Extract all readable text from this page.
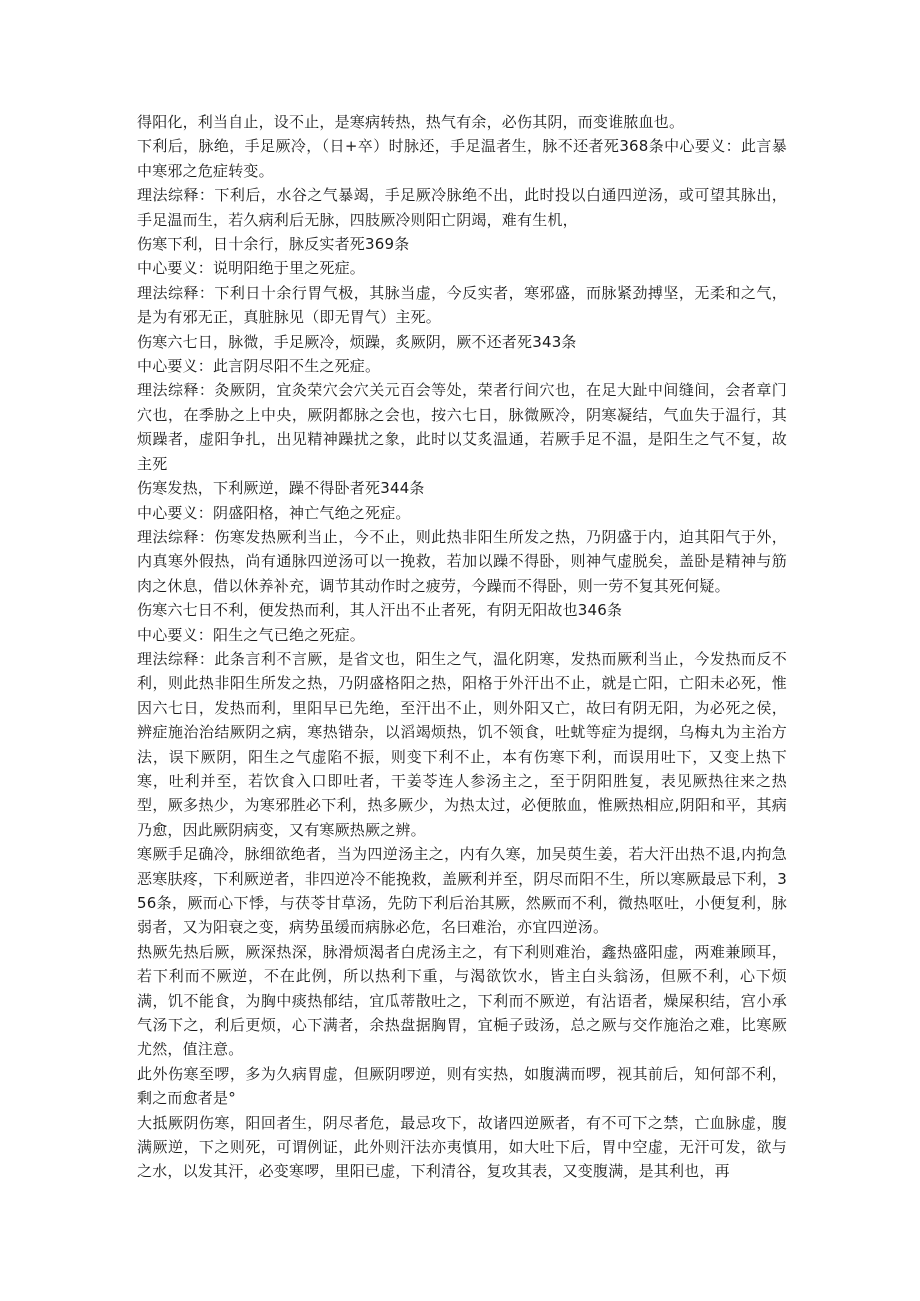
得阳化，利当自止，设不止，是寒病转热，热气有余，必伤其阴，而变谁脓血也。

下利后，脉绝，手足厥冷，（日+卒）时脉还，手足温者生，脉不还者死368条中心要义：此言暴中寒邪之危症转变。

理法综释：下利后，水谷之气暴竭，手足厥冷脉绝不出，此时投以白通四逆汤，或可望其脉出，手足温而生，若久病利后无脉，四肢厥冷则阳亡阴竭，难有生机，

伤寒下利，日十余行，脉反实者死369条

中心要义：说明阳绝于里之死症。

理法综释：下利日十余行胃气极，其脉当虚，今反实者，寒邪盛，而脉紧劲搏坚，无柔和之气，是为有邪无正，真脏脉见（即无胃气）主死。

伤寒六七日，脉微，手足厥冷，烦躁，炙厥阴，厥不还者死343条

中心要义：此言阴尽阳不生之死症。

理法综释：灸厥阴，宜灸荣穴会穴关元百会等处，荣者行间穴也，在足大趾中间缝间，会者章门穴也，在季胁之上中央，厥阴都脉之会也，按六七日，脉微厥冷，阴寒凝结，气血失于温行，其烦躁者，虚阳争扎，出见精神躁扰之象，此时以艾炙温通，若厥手足不温，是阳生之气不复，故主死

伤寒发热，下利厥逆，躁不得卧者死344条

中心要义：阴盛阳格，神亡气绝之死症。

理法综释：伤寒发热厥利当止，今不止，则此热非阳生所发之热，乃阴盛于内，迫其阳气于外，内真寒外假热，尚有通脉四逆汤可以一挽救，若加以躁不得卧，则神气虚脱矣，盖卧是精神与筋肉之休息，借以休养补充，调节其动作时之疲劳，今躁而不得卧，则一劳不复其死何疑。

伤寒六七日不利，便发热而利，其人汗出不止者死，有阴无阳故也346条

中心要义：阳生之气已绝之死症。

理法综释：此条言利不言厥，是省文也，阳生之气，温化阴寒，发热而厥利当止，今发热而反不利，则此热非阳生所发之热，乃阴盛格阳之热，阳格于外汗出不止，就是亡阳，亡阳未必死，惟因六七日，发热而利，里阳早已先绝，至汗出不止，则外阳又亡，故曰有阴无阳，为必死之侯，辨症施治治结厥阴之病，寒热错杂，以滔竭烦热，饥不领食，吐蚘等症为提纲，乌梅丸为主治方法，误下厥阴，阳生之气虚陷不振，则变下利不止，本有伤寒下利，而误用吐下，又变上热下寒，吐利并至，若饮食入口即吐者，干姜苓连人参汤主之，至于阴阳胜复，表见厥热往来之热型，厥多热少，为寒邪胜必下利，热多厥少，为热太过，必便脓血，惟厥热相应,阴阳和平，其病乃愈，因此厥阴病变，又有寒厥热厥之辨。

寒厥手足确冷，脉细欲绝者，当为四逆汤主之，内有久寒，加吴萸生姜，若大汗出热不退,内拘急恶寒肤疼，下利厥逆者，非四逆冷不能挽救，盖厥利并至，阴尽而阳不生，所以寒厥最忌下利，356条，厥而心下悸，与茯苓甘草汤，先防下利后治其厥，然厥而不利，微热呕吐，小便复利，脉弱者，又为阳衰之变，病势虽缓而病脉必危，名曰难治，亦宜四逆汤。

热厥先热后厥，厥深热深，脉滑烦渴者白虎汤主之，有下利则难治，鑫热盛阳虚，两难兼顾耳，若下利而不厥逆，不在此例，所以热利下重，与渴欲饮水，皆主白头翁汤，但厥不利，心下烦满，饥不能食，为胸中痰热郁结，宜瓜蒂散吐之，下利而不厥逆，有沾语者，燥屎积结，宫小承气汤下之，利后更烦，心下满者，余热盘据胸胃，宜梔子豉汤，总之厥与交作施治之难，比寒厥尤然，值注意。

此外伤寒至啰，多为久病胃虚，但厥阴啰逆，则有实热，如腹满而啰，视其前后，知何部不利，剩之而愈者是°

大抵厥阴伤寒，阳回者生，阴尽者危，最忌攻下，故诸四逆厥者，有不可下之禁，亡血脉虚，腹满厥逆，下之则死，可谓例证，此外则汗法亦夷慎用，如大吐下后，胃中空虚，无汗可发，欲与之水，以发其汗，必变寒啰，里阳已虚，下利清谷，复攻其表，又变腹满，是其利也，再
